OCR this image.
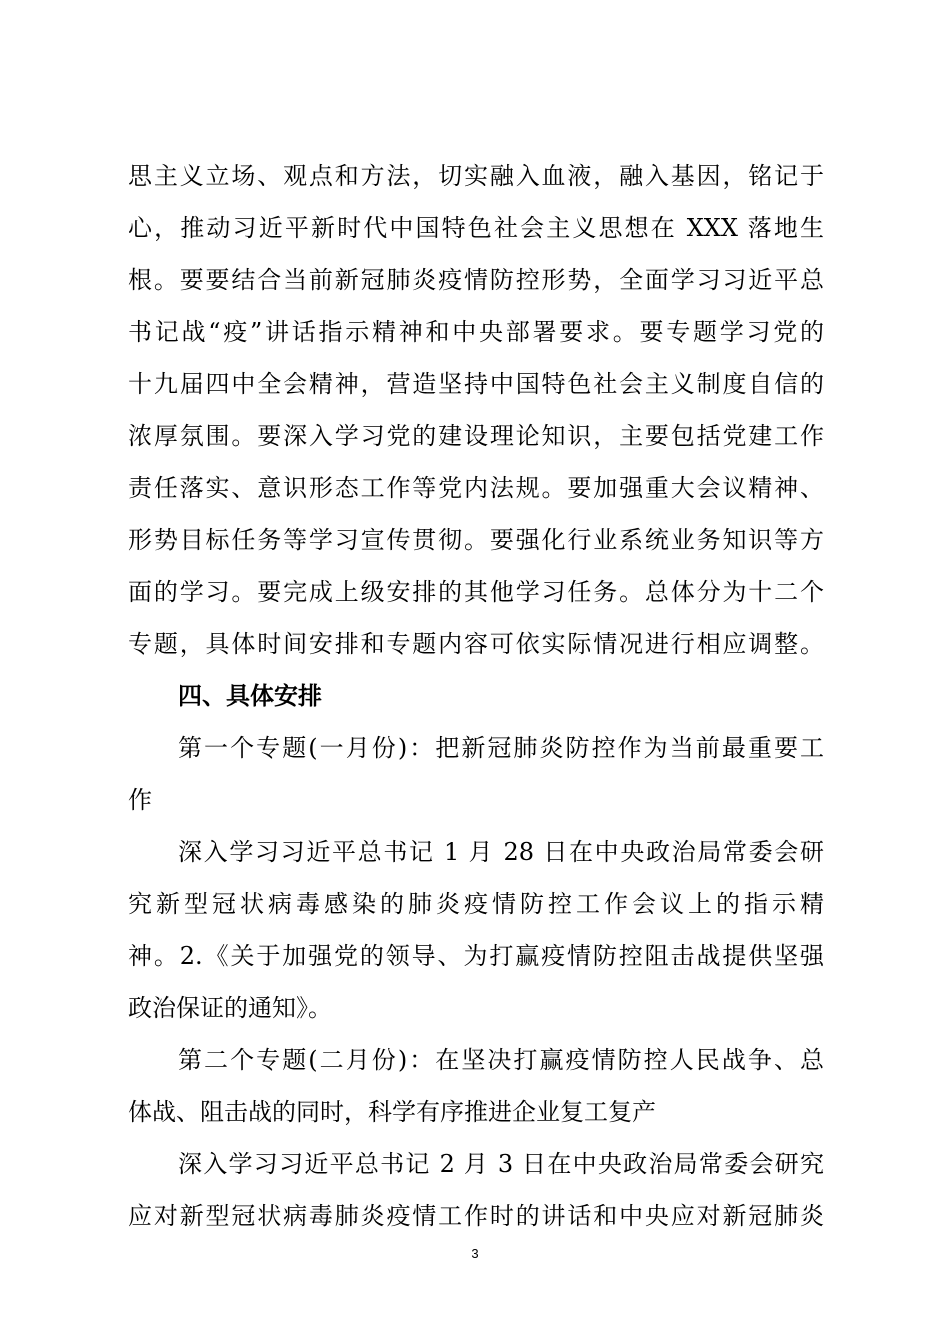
思主义立场、观点和方法，切实融入血液，融入基因，铭记于
心，推动习近平新时代中国特色社会主义思想在 XXX 落地生
根。要要结合当前新冠肺炎疫情防控形势，全面学习习近平总
书记战“疫”讲话指示精神和中央部署要求。要专题学习党的
十九届四中全会精神，营造坚持中国特色社会主义制度自信的
浓厚氛围。要深入学习党的建设理论知识，主要包括党建工作
责任落实、意识形态工作等党内法规。要加强重大会议精神、
形势目标任务等学习宣传贯彻。要强化行业系统业务知识等方
面的学习。要完成上级安排的其他学习任务。总体分为十二个
专题，具体时间安排和专题内容可依实际情况进行相应调整。
四、具体安排
第一个专题(一月份)：把新冠肺炎防控作为当前最重要工
作
深入学习习近平总书记 1 月 28 日在中央政治局常委会研
究新型冠状病毒感染的肺炎疫情防控工作会议上的指示精
神。2.《关于加强党的领导、为打赢疫情防控阻击战提供坚强
政治保证的通知》。
第二个专题(二月份)：在坚决打赢疫情防控人民战争、总
体战、阻击战的同时，科学有序推进企业复工复产
深入学习习近平总书记 2 月 3 日在中央政治局常委会研究
应对新型冠状病毒肺炎疫情工作时的讲话和中央应对新冠肺炎
3
